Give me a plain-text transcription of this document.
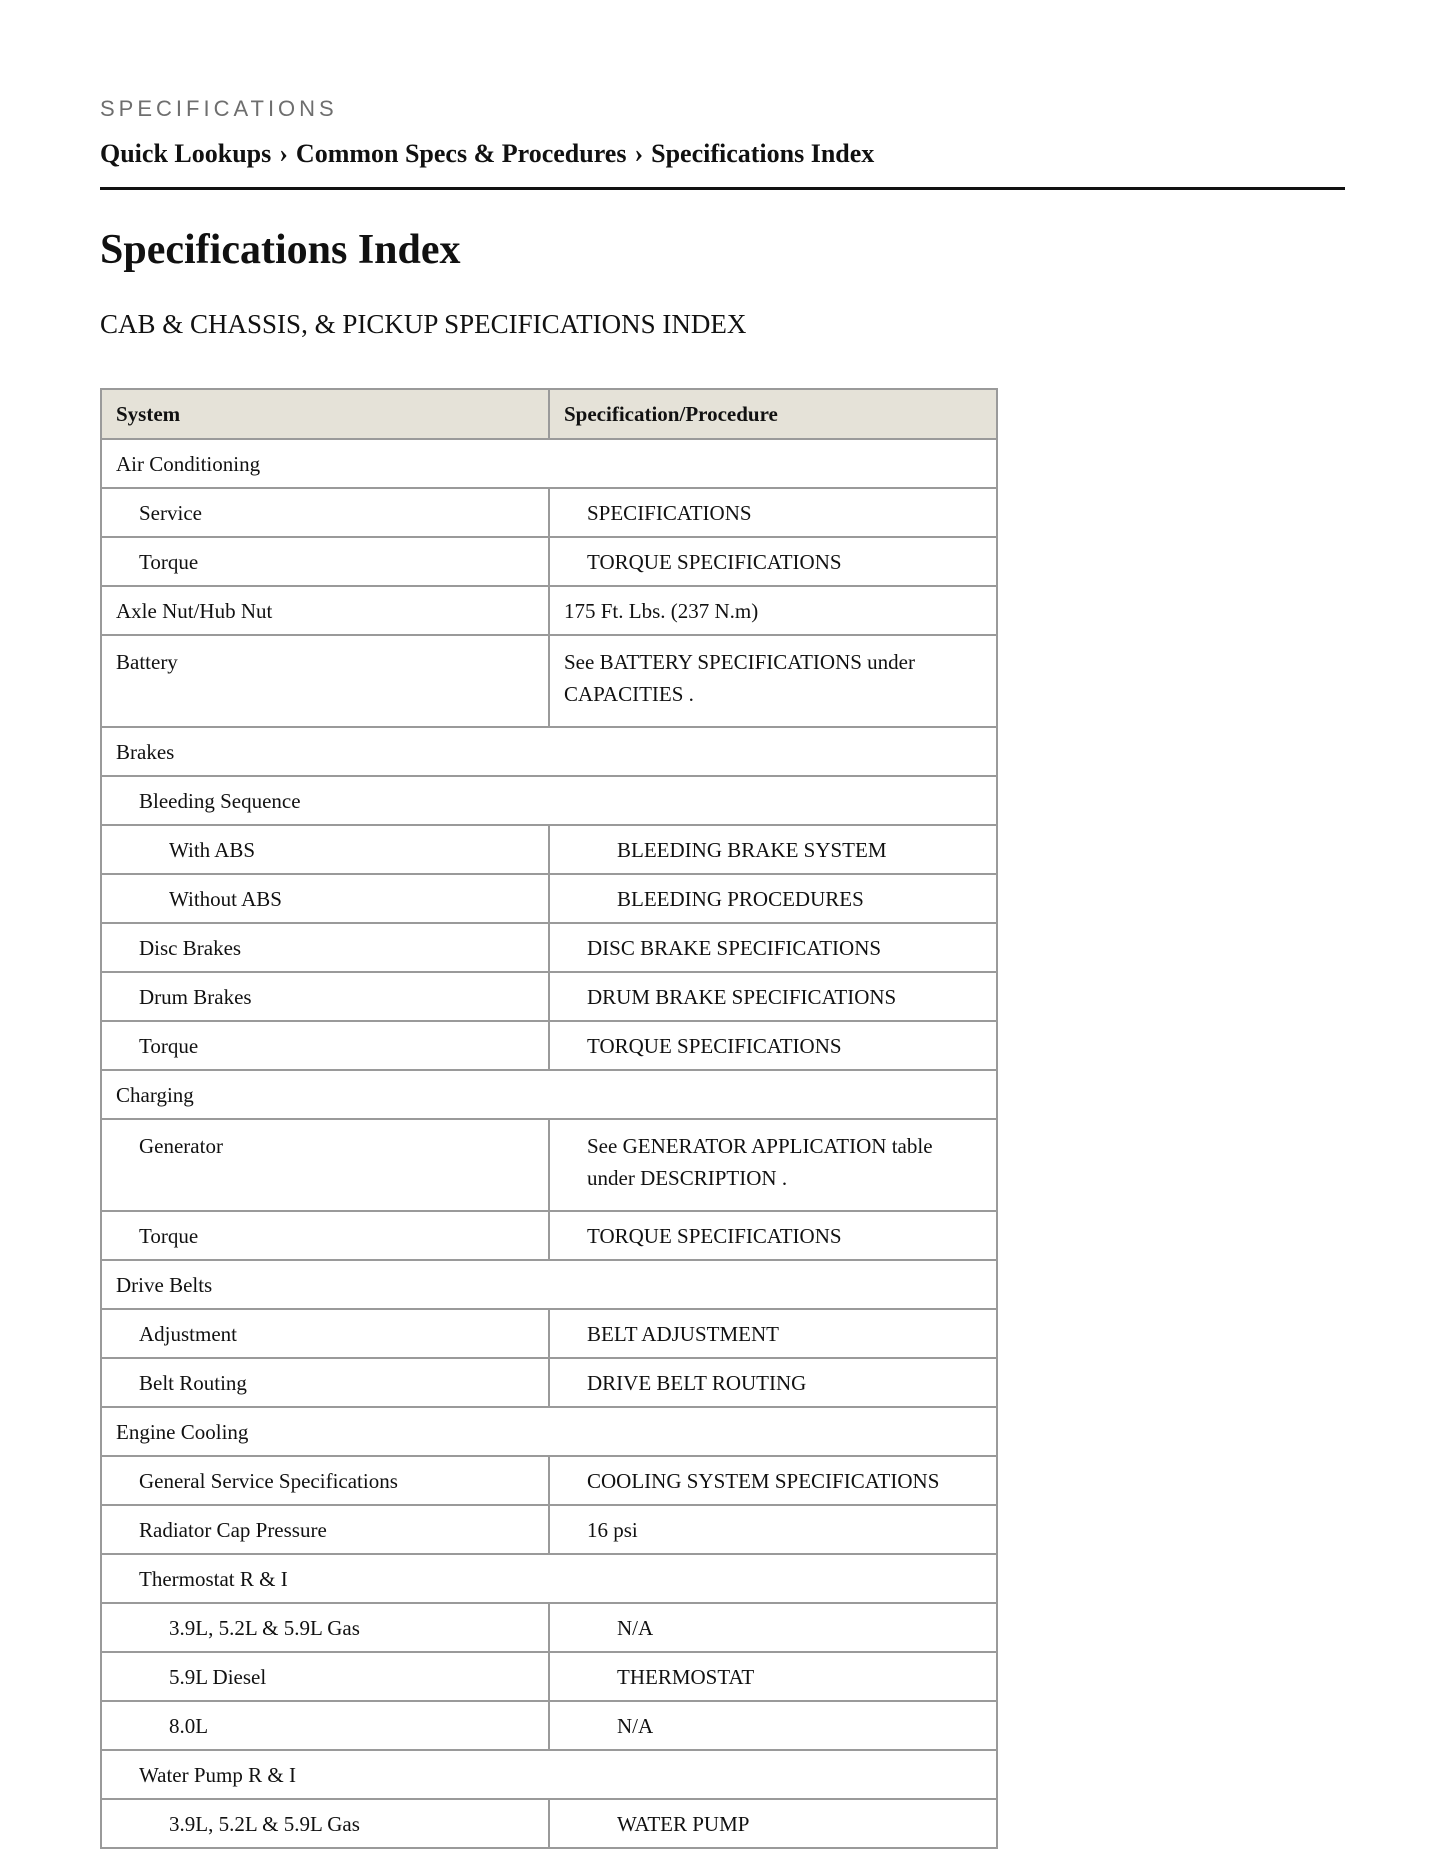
SPECIFICATIONS
Quick Lookups › Common Specs & Procedures › Specifications Index
Specifications Index
CAB & CHASSIS, & PICKUP SPECIFICATIONS INDEX
System	Specification/Procedure
Air Conditioning	
Service	SPECIFICATIONS
Torque	TORQUE SPECIFICATIONS
Axle Nut/Hub Nut	175 Ft. Lbs. (237 N.m)
Battery	See BATTERY SPECIFICATIONS under CAPACITIES .
Brakes	
Bleeding Sequence	
With ABS	BLEEDING BRAKE SYSTEM
Without ABS	BLEEDING PROCEDURES
Disc Brakes	DISC BRAKE SPECIFICATIONS
Drum Brakes	DRUM BRAKE SPECIFICATIONS
Torque	TORQUE SPECIFICATIONS
Charging	
Generator	See GENERATOR APPLICATION table under DESCRIPTION .
Torque	TORQUE SPECIFICATIONS
Drive Belts	
Adjustment	BELT ADJUSTMENT
Belt Routing	DRIVE BELT ROUTING
Engine Cooling	
General Service Specifications	COOLING SYSTEM SPECIFICATIONS
Radiator Cap Pressure	16 psi
Thermostat R & I	
3.9L, 5.2L & 5.9L Gas	N/A
5.9L Diesel	THERMOSTAT
8.0L	N/A
Water Pump R & I	
3.9L, 5.2L & 5.9L Gas	WATER PUMP
